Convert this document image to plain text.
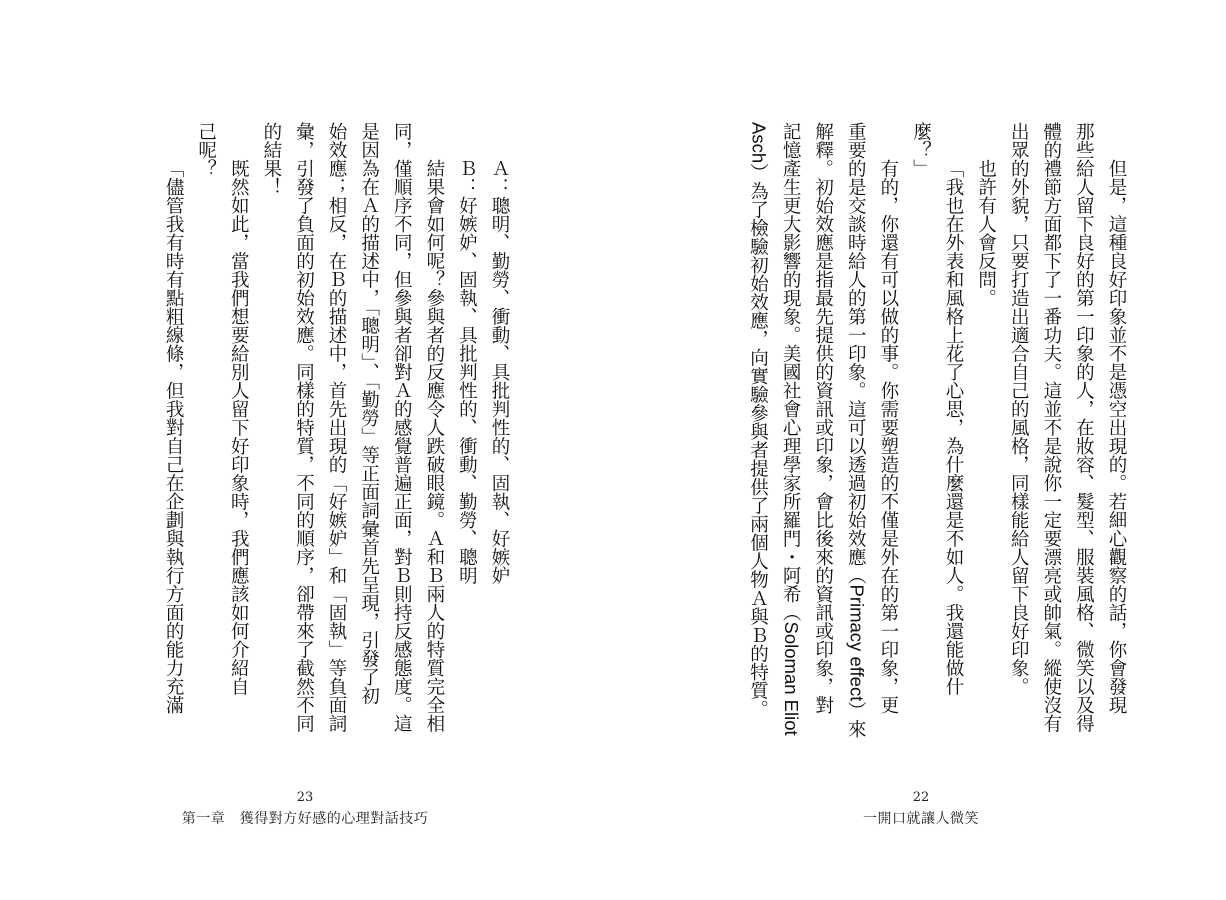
Ａ：聰明、勤勞、衝動、具批判性的、固執、好嫉妒
Ｂ：好嫉妒、固執、具批判性的、衝動、勤勞、聰明
結果會如何呢？參與者的反應令人跌破眼鏡。Ａ和Ｂ兩人的特質完全相
同，僅順序不同，但參與者卻對Ａ的感覺普遍正面，對Ｂ則持反感態度。這
是因為在Ａ的描述中，「聰明」、「勤勞」等正面詞彙首先呈現，引發了初
始效應；相反，在Ｂ的描述中，首先出現的「好嫉妒」和「固執」等負面詞
彙，引發了負面的初始效應。同樣的特質，不同的順序，卻帶來了截然不同
的結果！
既然如此，當我們想要給別人留下好印象時，我們應該如何介紹自
己呢？
「儘管我有時有點粗線條，但我對自己在企劃與執行方面的能力充滿
23
第一章　獲得對方好感的心理對話技巧
但是，這種良好印象並不是憑空出現的。若細心觀察的話，你會發現
那些給人留下良好的第一印象的人，在妝容、髮型、服裝風格、微笑以及得
體的禮節方面都下了一番功夫。這並不是說你一定要漂亮或帥氣。縱使沒有
出眾的外貌，只要打造出適合自己的風格，同樣能給人留下良好印象。
也許有人會反問。
「我也在外表和風格上花了心思，為什麼還是不如人。我還能做什
麼？」
有的，你還有可以做的事。你需要塑造的不僅是外在的第一印象，更
重要的是交談時給人的第一印象。這可以透過初始效應（Primacy effect）來
解釋。初始效應是指最先提供的資訊或印象，會比後來的資訊或印象，對
記憶產生更大影響的現象。美國社會心理學家所羅門・阿希（Soloman Eliot
Asch）為了檢驗初始效應，向實驗參與者提供了兩個人物Ａ與Ｂ的特質。
22
一開口就讓人微笑
